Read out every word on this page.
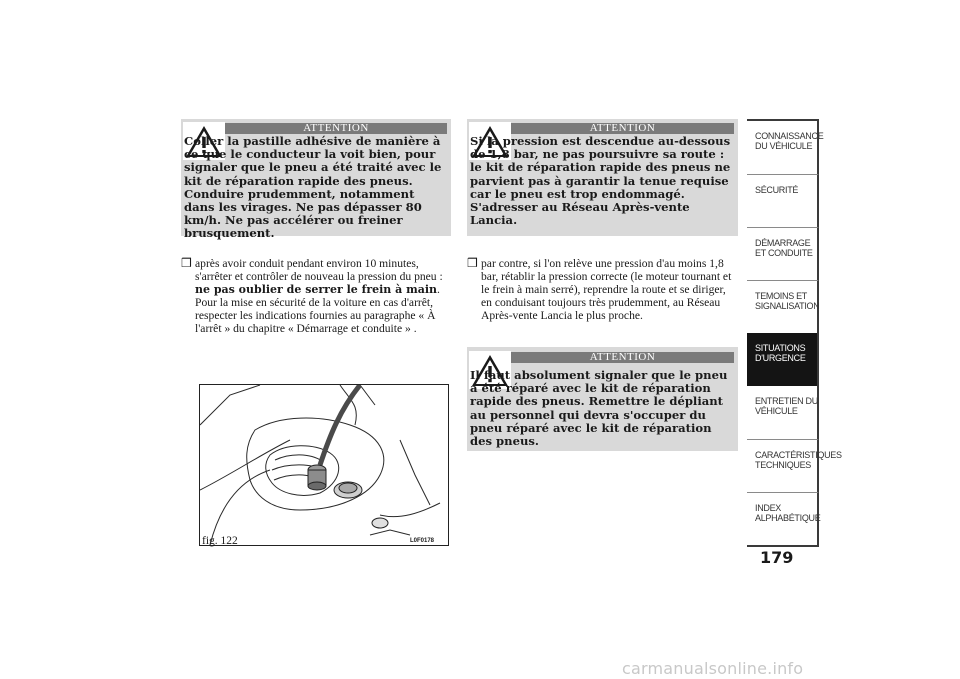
ATTENTION
Coller la pastille adhésive de manière à ce que le conducteur la voit bien, pour signaler que le pneu a été traité avec le kit de réparation rapide des pneus. Conduire prudemment, notamment dans les virages. Ne pas dépasser 80 km/h. Ne pas accélérer ou freiner brusquement.
❒ après avoir conduit pendant environ 10 minutes, s'arrêter et contrôler de nouveau la pression du pneu : ne pas oublier de serrer le frein à main. Pour la mise en sécurité de la voiture en cas d'arrêt, respecter les indications fournies au paragraphe « À l'arrêt » du chapitre « Démarrage et conduite » .
fig. 122	L0F0178
ATTENTION
Si la pression est descendue au-dessous de 1,8 bar, ne pas poursuivre sa route : le kit de réparation rapide des pneus ne parvient pas à garantir la tenue requise car le pneu est trop endommagé. S'adresser au Réseau Après-vente Lancia.
❒ par contre, si l'on relève une pression d'au moins 1,8 bar, rétablir la pression correcte (le moteur tournant et le frein à main serré), reprendre la route et se diriger, en conduisant toujours très prudemment, au Réseau Après-vente Lancia le plus proche.
ATTENTION
Il faut absolument signaler que le pneu a été réparé avec le kit de réparation rapide des pneus. Remettre le dépliant au personnel qui devra s'occuper du pneu réparé avec le kit de réparation des pneus.
CONNAISSANCE DU VÉHICULE
SÉCURITÉ
DÉMARRAGE ET CONDUITE
TEMOINS ET SIGNALISATION
SITUATIONS D'URGENCE
ENTRETIEN DU VÉHICULE
CARACTÉRISTIQUES TECHNIQUES
INDEX ALPHABÉTIQUE
179
carmanualsonline.info
